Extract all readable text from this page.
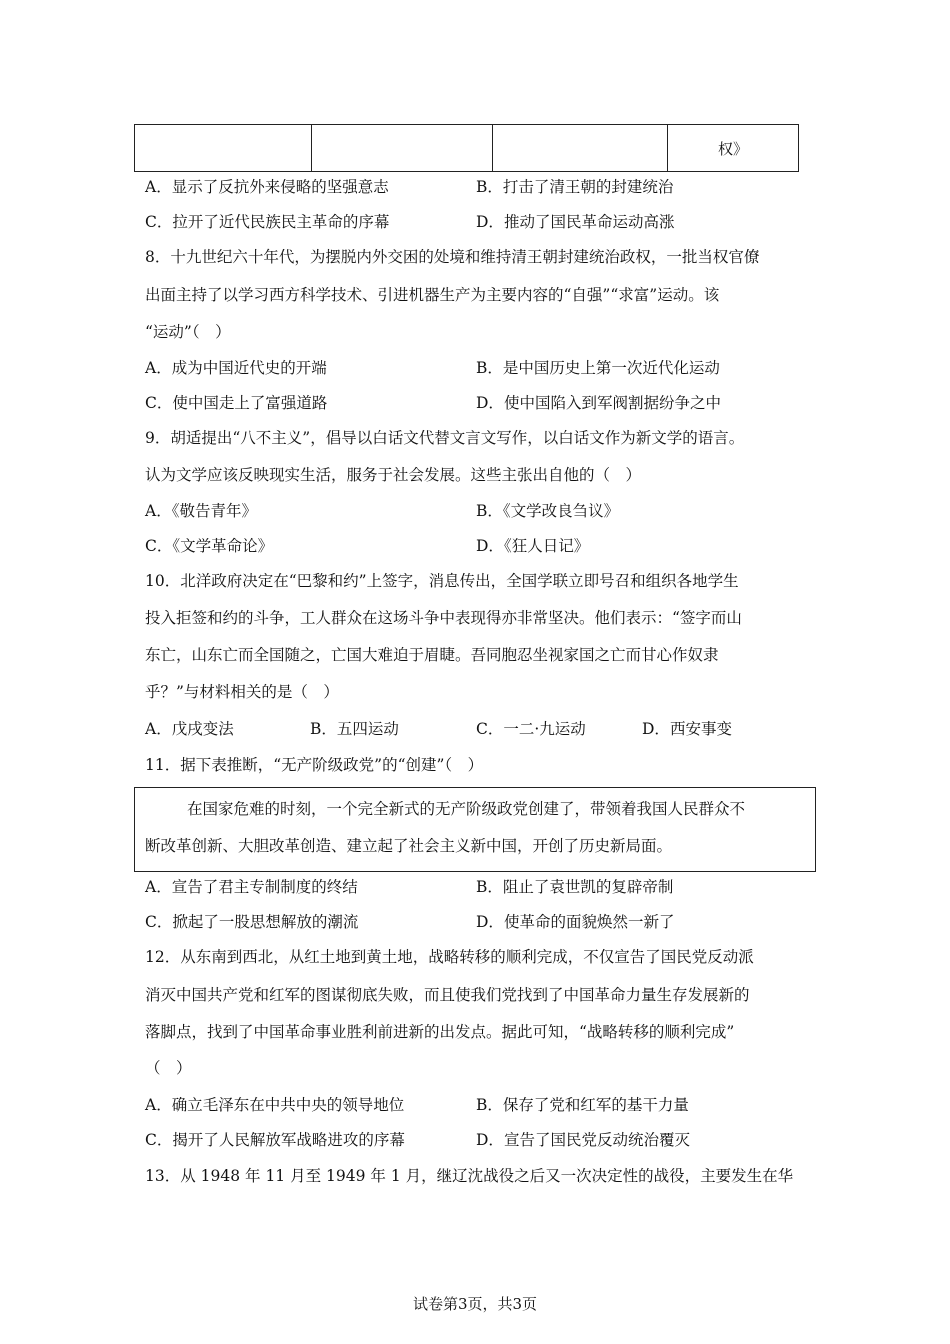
			权》
A．显示了反抗外来侵略的坚强意志	B．打击了清王朝的封建统治
C．拉开了近代民族民主革命的序幕	D．推动了国民革命运动高涨
8．十九世纪六十年代，为摆脱内外交困的处境和维持清王朝封建统治政权，一批当权官僚
出面主持了以学习西方科学技术、引进机器生产为主要内容的“自强”“求富”运动。该
“运动”（　）
A．成为中国近代史的开端	B．是中国历史上第一次近代化运动
C．使中国走上了富强道路	D．使中国陷入到军阀割据纷争之中
9．胡适提出“八不主义”，倡导以白话文代替文言文写作，以白话文作为新文学的语言。
认为文学应该反映现实生活，服务于社会发展。这些主张出自他的（　）
A．《敬告青年》	B．《文学改良刍议》
C．《文学革命论》	D．《狂人日记》
10．北洋政府决定在“巴黎和约”上签字，消息传出，全国学联立即号召和组织各地学生
投入拒签和约的斗争，工人群众在这场斗争中表现得亦非常坚决。他们表示：“签字而山
东亡，山东亡而全国随之，亡国大难迫于眉睫。吾同胞忍坐视家国之亡而甘心作奴隶
乎？”与材料相关的是（　）
A．戊戌变法	B．五四运动	C．一二·九运动	D．西安事变
11．据下表推断，“无产阶级政党”的“创建”（　）
在国家危难的时刻，一个完全新式的无产阶级政党创建了，带领着我国人民群众不
断改革创新、大胆改革创造、建立起了社会主义新中国，开创了历史新局面。
A．宣告了君主专制制度的终结	B．阻止了袁世凯的复辟帝制
C．掀起了一股思想解放的潮流	D．使革命的面貌焕然一新了
12．从东南到西北，从红土地到黄土地，战略转移的顺利完成，不仅宣告了国民党反动派
消灭中国共产党和红军的图谋彻底失败，而且使我们党找到了中国革命力量生存发展新的
落脚点，找到了中国革命事业胜利前进新的出发点。据此可知，“战略转移的顺利完成”
（　）
A．确立毛泽东在中共中央的领导地位	B．保存了党和红军的基干力量
C．揭开了人民解放军战略进攻的序幕	D．宣告了国民党反动统治覆灭
13．从 1948 年 11 月至 1949 年 1 月，继辽沈战役之后又一次决定性的战役，主要发生在华
试卷第3页，共3页
